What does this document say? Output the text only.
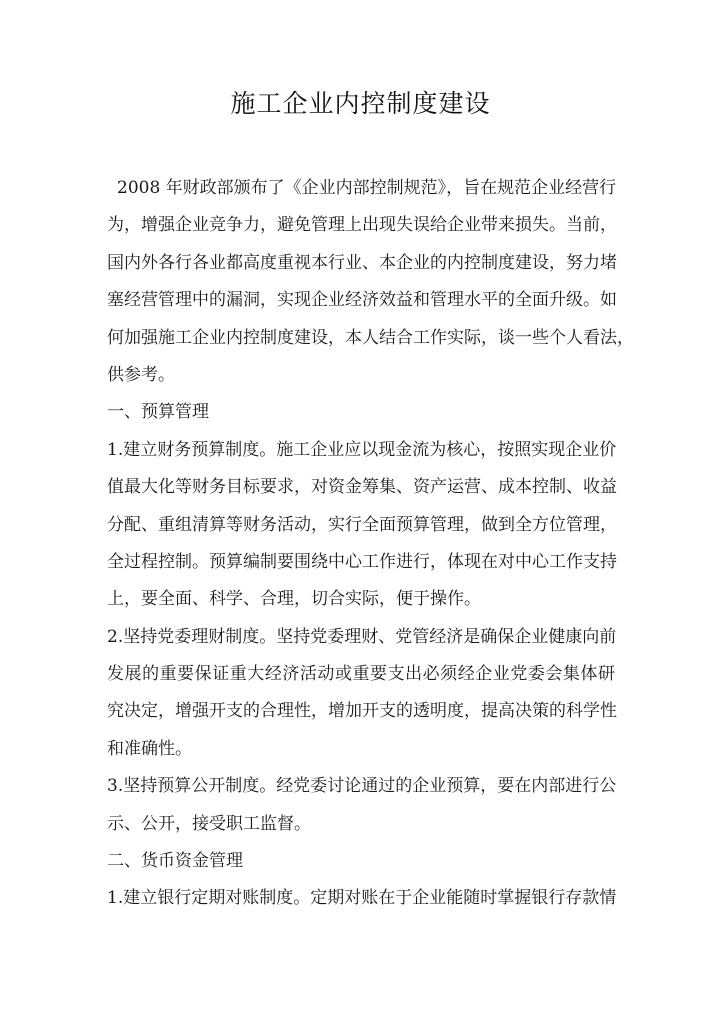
施工企业内控制度建设
2008 年财政部颁布了《企业内部控制规范》，旨在规范企业经营行
为，增强企业竞争力，避免管理上出现失误给企业带来损失。当前，
国内外各行各业都高度重视本行业、本企业的内控制度建设，努力堵
塞经营管理中的漏洞，实现企业经济效益和管理水平的全面升级。如
何加强施工企业内控制度建设，本人结合工作实际，谈一些个人看法，
供参考。
一、预算管理
1.建立财务预算制度。施工企业应以现金流为核心，按照实现企业价
值最大化等财务目标要求，对资金筹集、资产运营、成本控制、收益
分配、重组清算等财务活动，实行全面预算管理，做到全方位管理，
全过程控制。预算编制要围绕中心工作进行，体现在对中心工作支持
上，要全面、科学、合理，切合实际，便于操作。
2.坚持党委理财制度。坚持党委理财、党管经济是确保企业健康向前
发展的重要保证重大经济活动或重要支出必须经企业党委会集体研
究决定，增强开支的合理性，增加开支的透明度，提高决策的科学性
和准确性。
3.坚持预算公开制度。经党委讨论通过的企业预算，要在内部进行公
示、公开，接受职工监督。
二、货币资金管理
1.建立银行定期对账制度。定期对账在于企业能随时掌握银行存款情
